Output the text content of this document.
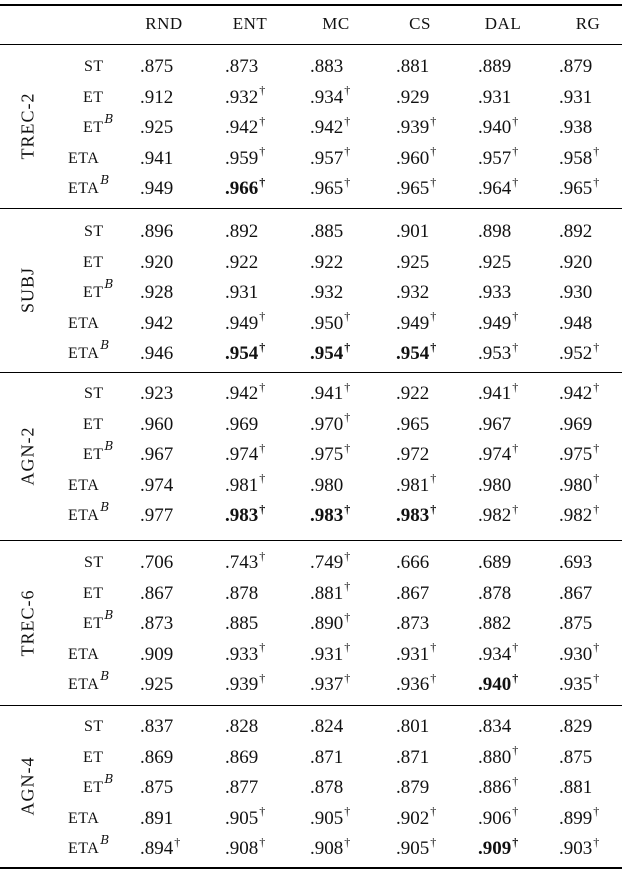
RND	ENT	MC	CS	DAL	RG
TREC-2
ST .875	.873	.883	.881	.889	.879
ET .912	.932† .934† .929	.931	.931
$ET^B$ .925	.942† .942† .939† .940† .938
ETA .941	.959† .957† .960† .957† .958†
$ETA^B$ .949	.966† .965† .965† .964† .965†
SUBJ
ST .896	.892	.885	.901	.898	.892
ET .920	.922	.922	.925	.925	.920
$ET^B$ .928	.931	.932	.932	.933	.930
ETA .942	.949† .950† .949† .949† .948
$ETA^B$ .946	.954† .954† .954† .953† .952†
AGN-2
ST .923	.942† .941† .922	.941† .942†
ET .960	.969	.970† .965	.967	.969
$ET^B$ .967	.974† .975† .972	.974† .975†
ETA .974	.981† .980	.981† .980	.980†
$ETA^B$ .977	.983† .983† .983† .982† .982†
TREC-6
ST .706	.743† .749† .666	.689	.693
ET .867	.878	.881† .867	.878	.867
$ET^B$ .873	.885	.890† .873	.882	.875
ETA .909	.933† .931† .931† .934† .930†
$ETA^B$ .925	.939† .937† .936† .940† .935†
AGN-4
ST .837	.828	.824	.801	.834	.829
ET .869	.869	.871	.871	.880† .875
$ET^B$ .875	.877	.878	.879	.886† .881
ETA .891	.905† .905† .902† .906† .899†
$ETA^B$ .894† .908† .908† .905† .909† .903†
